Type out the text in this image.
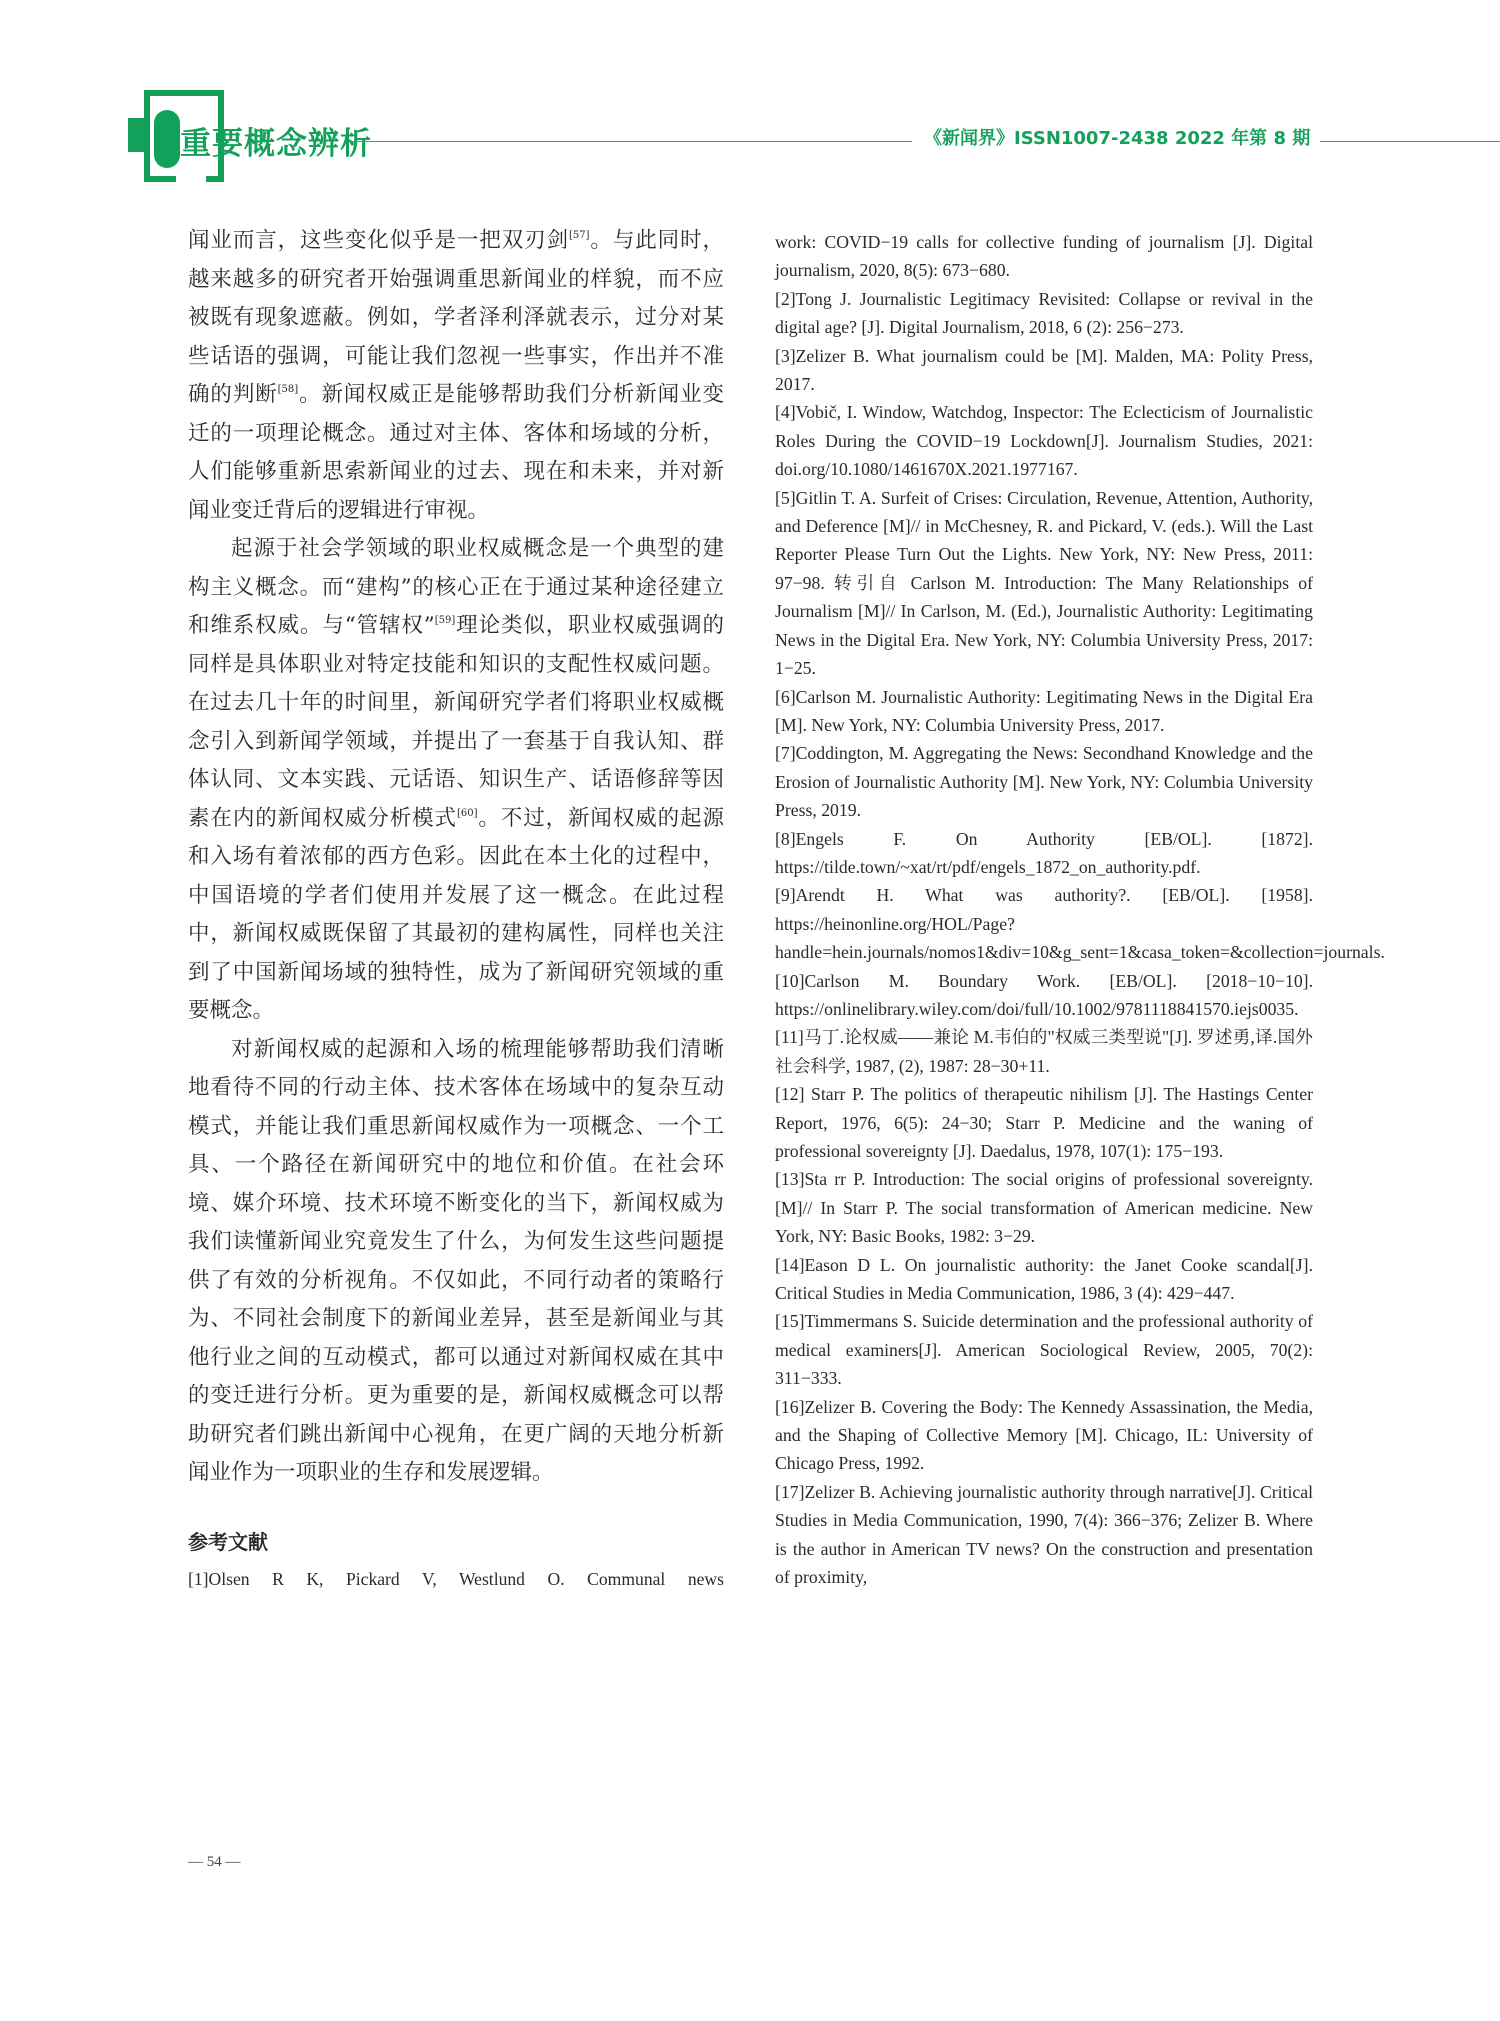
重要概念辨析	《新闻界》ISSN1007-2438 2022 年第 8 期

闻业而言，这些变化似乎是一把双刃剑[57]。与此同时，越来越多的研究者开始强调重思新闻业的样貌，而不应被既有现象遮蔽。例如，学者泽利泽就表示，过分对某些话语的强调，可能让我们忽视一些事实，作出并不准确的判断[58]。新闻权威正是能够帮助我们分析新闻业变迁的一项理论概念。通过对主体、客体和场域的分析，人们能够重新思索新闻业的过去、现在和未来，并对新闻业变迁背后的逻辑进行审视。

起源于社会学领域的职业权威概念是一个典型的建构主义概念。而“建构”的核心正在于通过某种途径建立和维系权威。与“管辖权”[59]理论类似，职业权威强调的同样是具体职业对特定技能和知识的支配性权威问题。在过去几十年的时间里，新闻研究学者们将职业权威概念引入到新闻学领域，并提出了一套基于自我认知、群体认同、文本实践、元话语、知识生产、话语修辞等因素在内的新闻权威分析模式[60]。不过，新闻权威的起源和入场有着浓郁的西方色彩。因此在本土化的过程中，中国语境的学者们使用并发展了这一概念。在此过程中，新闻权威既保留了其最初的建构属性，同样也关注到了中国新闻场域的独特性，成为了新闻研究领域的重要概念。

对新闻权威的起源和入场的梳理能够帮助我们清晰地看待不同的行动主体、技术客体在场域中的复杂互动模式，并能让我们重思新闻权威作为一项概念、一个工具、一个路径在新闻研究中的地位和价值。在社会环境、媒介环境、技术环境不断变化的当下，新闻权威为我们读懂新闻业究竟发生了什么，为何发生这些问题提供了有效的分析视角。不仅如此，不同行动者的策略行为、不同社会制度下的新闻业差异，甚至是新闻业与其他行业之间的互动模式，都可以通过对新闻权威在其中的变迁进行分析。更为重要的是，新闻权威概念可以帮助研究者们跳出新闻中心视角，在更广阔的天地分析新闻业作为一项职业的生存和发展逻辑。

参考文献

[1]Olsen R K, Pickard V, Westlund O. Communal news

work: COVID−19 calls for collective funding of journalism [J]. Digital journalism, 2020, 8(5): 673−680.

[2]Tong J. Journalistic Legitimacy Revisited: Collapse or revival in the digital age? [J]. Digital Journalism, 2018, 6 (2): 256−273.

[3]Zelizer B. What journalism could be [M]. Malden, MA: Polity Press, 2017.

[4]Vobič, I. Window, Watchdog, Inspector: The Eclecticism of Journalistic Roles During the COVID−19 Lockdown[J]. Journalism Studies, 2021: doi.org/10.1080/1461670X.2021.1977167.

[5]Gitlin T. A. Surfeit of Crises: Circulation, Revenue, Attention, Authority, and Deference [M]// in McChesney, R. and Pickard, V. (eds.). Will the Last Reporter Please Turn Out the Lights. New York, NY: New Press, 2011: 97−98. 转引自 Carlson M. Introduction: The Many Relationships of Journalism [M]// In Carlson, M. (Ed.), Journalistic Authority: Legitimating News in the Digital Era. New York, NY: Columbia University Press, 2017: 1−25.

[6]Carlson M. Journalistic Authority: Legitimating News in the Digital Era [M]. New York, NY: Columbia University Press, 2017.

[7]Coddington, M. Aggregating the News: Secondhand Knowledge and the Erosion of Journalistic Authority [M]. New York, NY: Columbia University Press, 2019.

[8]Engels F. On Authority [EB/OL]. [1872]. https://tilde.town/~xat/rt/pdf/engels_1872_on_authority.pdf.

[9]Arendt H. What was authority?. [EB/OL]. [1958]. https://heinonline.org/HOL/Page?handle=hein.journals/nomos1&div=10&g_sent=1&casa_token=&collection=journals.

[10]Carlson M. Boundary Work. [EB/OL]. [2018−10−10]. https://onlinelibrary.wiley.com/doi/full/10.1002/9781118841570.iejs0035.

[11]马丁.论权威——兼论 M.韦伯的"权威三类型说"[J]. 罗述勇,译.国外社会科学, 1987, (2), 1987: 28−30+11.

[12] Starr P. The politics of therapeutic nihilism [J]. The Hastings Center Report, 1976, 6(5): 24−30; Starr P. Medicine and the waning of professional sovereignty [J]. Daedalus, 1978, 107(1): 175−193.

[13]Sta rr P. Introduction: The social origins of professional sovereignty. [M]// In Starr P. The social transformation of American medicine. New York, NY: Basic Books, 1982: 3−29.

[14]Eason D L. On journalistic authority: the Janet Cooke scandal[J]. Critical Studies in Media Communication, 1986, 3 (4): 429−447.

[15]Timmermans S. Suicide determination and the professional authority of medical examiners[J]. American Sociological Review, 2005, 70(2): 311−333.

[16]Zelizer B. Covering the Body: The Kennedy Assassination, the Media, and the Shaping of Collective Memory [M]. Chicago, IL: University of Chicago Press, 1992.

[17]Zelizer B. Achieving journalistic authority through narrative[J]. Critical Studies in Media Communication, 1990, 7(4): 366−376; Zelizer B. Where is the author in American TV news? On the construction and presentation of proximity,

— 54 —
